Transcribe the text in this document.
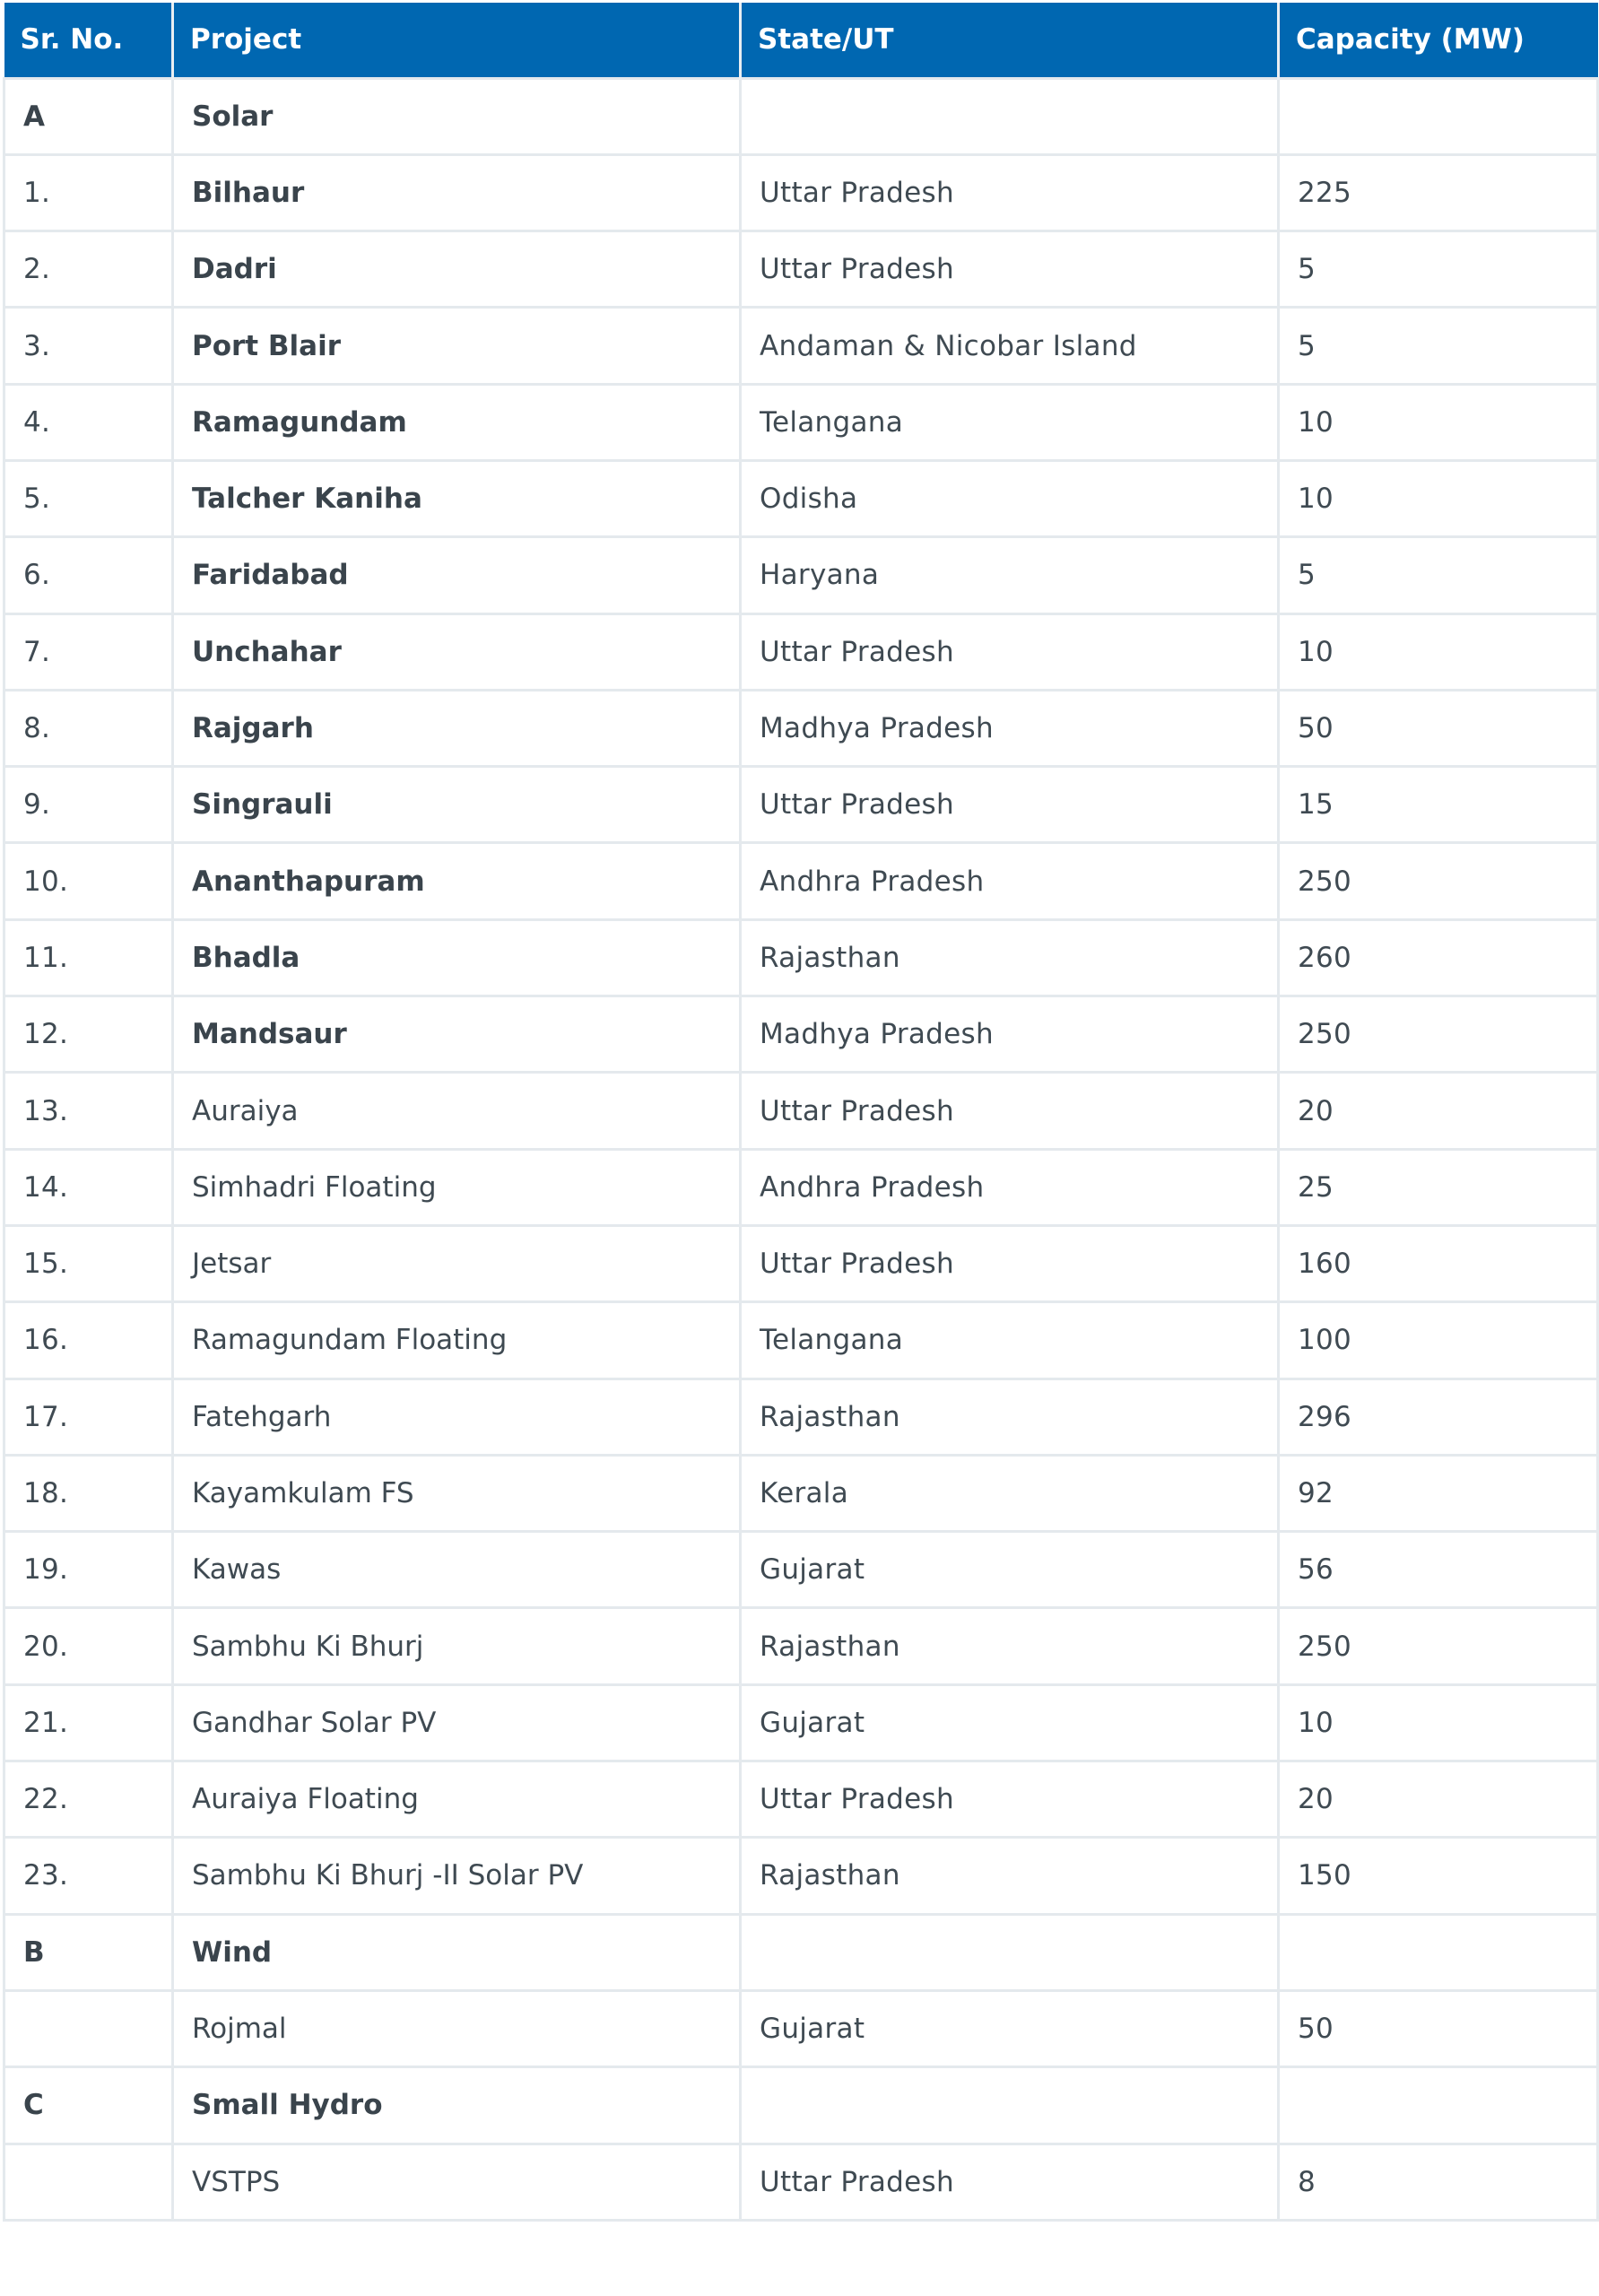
Sr. No.	Project	State/UT	Capacity (MW)
A	Solar		
1.	Bilhaur	Uttar Pradesh	225
2.	Dadri	Uttar Pradesh	5
3.	Port Blair	Andaman & Nicobar Island	5
4.	Ramagundam	Telangana	10
5.	Talcher Kaniha	Odisha	10
6.	Faridabad	Haryana	5
7.	Unchahar	Uttar Pradesh	10
8.	Rajgarh	Madhya Pradesh	50
9.	Singrauli	Uttar Pradesh	15
10.	Ananthapuram	Andhra Pradesh	250
11.	Bhadla	Rajasthan	260
12.	Mandsaur	Madhya Pradesh	250
13.	Auraiya	Uttar Pradesh	20
14.	Simhadri Floating	Andhra Pradesh	25
15.	Jetsar	Uttar Pradesh	160
16.	Ramagundam Floating	Telangana	100
17.	Fatehgarh	Rajasthan	296
18.	Kayamkulam FS	Kerala	92
19.	Kawas	Gujarat	56
20.	Sambhu Ki Bhurj	Rajasthan	250
21.	Gandhar Solar PV	Gujarat	10
22.	Auraiya Floating	Uttar Pradesh	20
23.	Sambhu Ki Bhurj -II Solar PV	Rajasthan	150
B	Wind		
	Rojmal	Gujarat	50
C	Small Hydro		
	VSTPS	Uttar Pradesh	8
